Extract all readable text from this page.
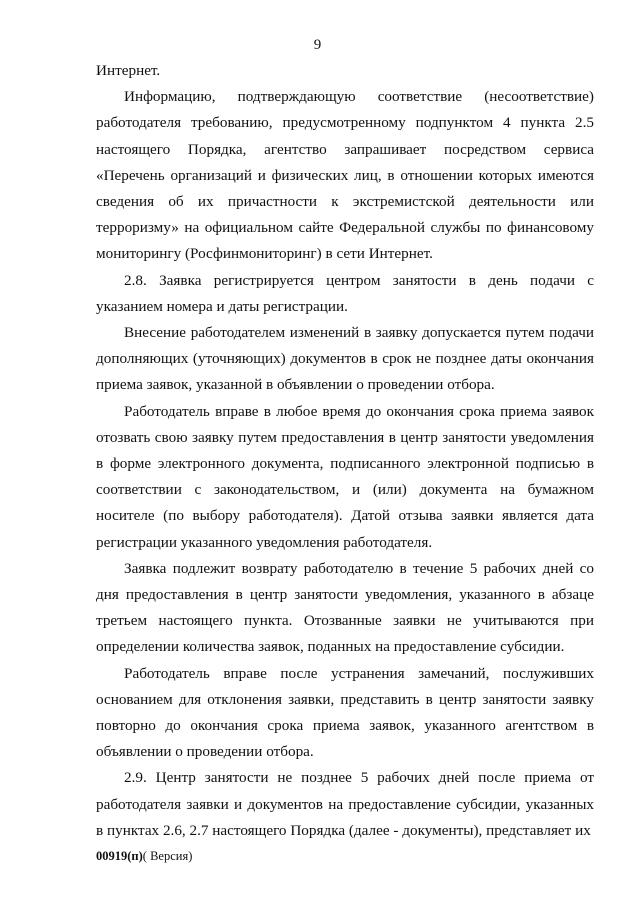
9

Интернет.

Информацию, подтверждающую соответствие (несоответствие) работодателя требованию, предусмотренному подпунктом 4 пункта 2.5 настоящего Порядка, агентство запрашивает посредством сервиса «Перечень организаций и физических лиц, в отношении которых имеются сведения об их причастности к экстремистской деятельности или терроризму» на официальном сайте Федеральной службы по финансовому мониторингу (Росфинмониторинг) в сети Интернет.

2.8. Заявка регистрируется центром занятости в день подачи с указанием номера и даты регистрации.

Внесение работодателем изменений в заявку допускается путем подачи дополняющих (уточняющих) документов в срок не позднее даты окончания приема заявок, указанной в объявлении о проведении отбора.

Работодатель вправе в любое время до окончания срока приема заявок отозвать свою заявку путем предоставления в центр занятости уведомления в форме электронного документа, подписанного электронной подписью в соответствии с законодательством, и (или) документа на бумажном носителе (по выбору работодателя). Датой отзыва заявки является дата регистрации указанного уведомления работодателя.

Заявка подлежит возврату работодателю в течение 5 рабочих дней со дня предоставления в центр занятости уведомления, указанного в абзаце третьем настоящего пункта. Отозванные заявки не учитываются при определении количества заявок, поданных на предоставление субсидии.

Работодатель вправе после устранения замечаний, послуживших основанием для отклонения заявки, представить в центр занятости заявку повторно до окончания срока приема заявок, указанного агентством в объявлении о проведении отбора.

2.9. Центр занятости не позднее 5 рабочих дней после приема от работодателя заявки и документов на предоставление субсидии, указанных в пунктах 2.6, 2.7 настоящего Порядка (далее - документы), представляет их

00919(п)( Версия)
